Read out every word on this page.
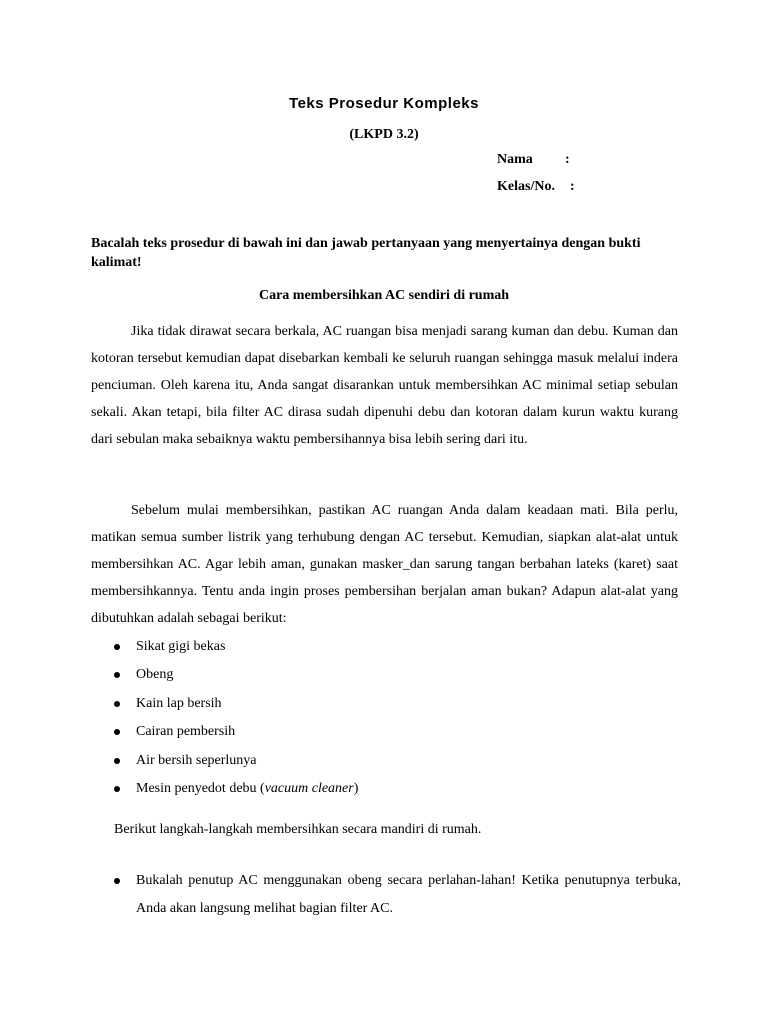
Teks Prosedur Kompleks
(LKPD 3.2)
Nama :
Kelas/No. :
Bacalah teks prosedur di bawah ini dan jawab pertanyaan yang menyertainya dengan bukti kalimat!
Cara membersihkan AC sendiri di rumah
Jika tidak dirawat secara berkala, AC ruangan bisa menjadi sarang kuman dan debu. Kuman dan kotoran tersebut kemudian dapat disebarkan kembali ke seluruh ruangan sehingga masuk melalui indera penciuman. Oleh karena itu, Anda sangat disarankan untuk membersihkan AC minimal setiap sebulan sekali. Akan tetapi, bila filter AC dirasa sudah dipenuhi debu dan kotoran dalam kurun waktu kurang dari sebulan maka sebaiknya waktu pembersihannya bisa lebih sering dari itu.
Sebelum mulai membersihkan, pastikan AC ruangan Anda dalam keadaan mati. Bila perlu, matikan semua sumber listrik yang terhubung dengan AC tersebut. Kemudian, siapkan alat-alat untuk membersihkan AC. Agar lebih aman, gunakan masker_dan sarung tangan berbahan lateks (karet) saat membersihkannya. Tentu anda ingin proses pembersihan berjalan aman bukan? Adapun alat-alat yang dibutuhkan adalah sebagai berikut:
Sikat gigi bekas
Obeng
Kain lap bersih
Cairan pembersih
Air bersih seperlunya
Mesin penyedot debu (vacuum cleaner)
Berikut langkah-langkah membersihkan secara mandiri di rumah.
Bukalah penutup AC menggunakan obeng secara perlahan-lahan! Ketika penutupnya terbuka, Anda akan langsung melihat bagian filter AC.
